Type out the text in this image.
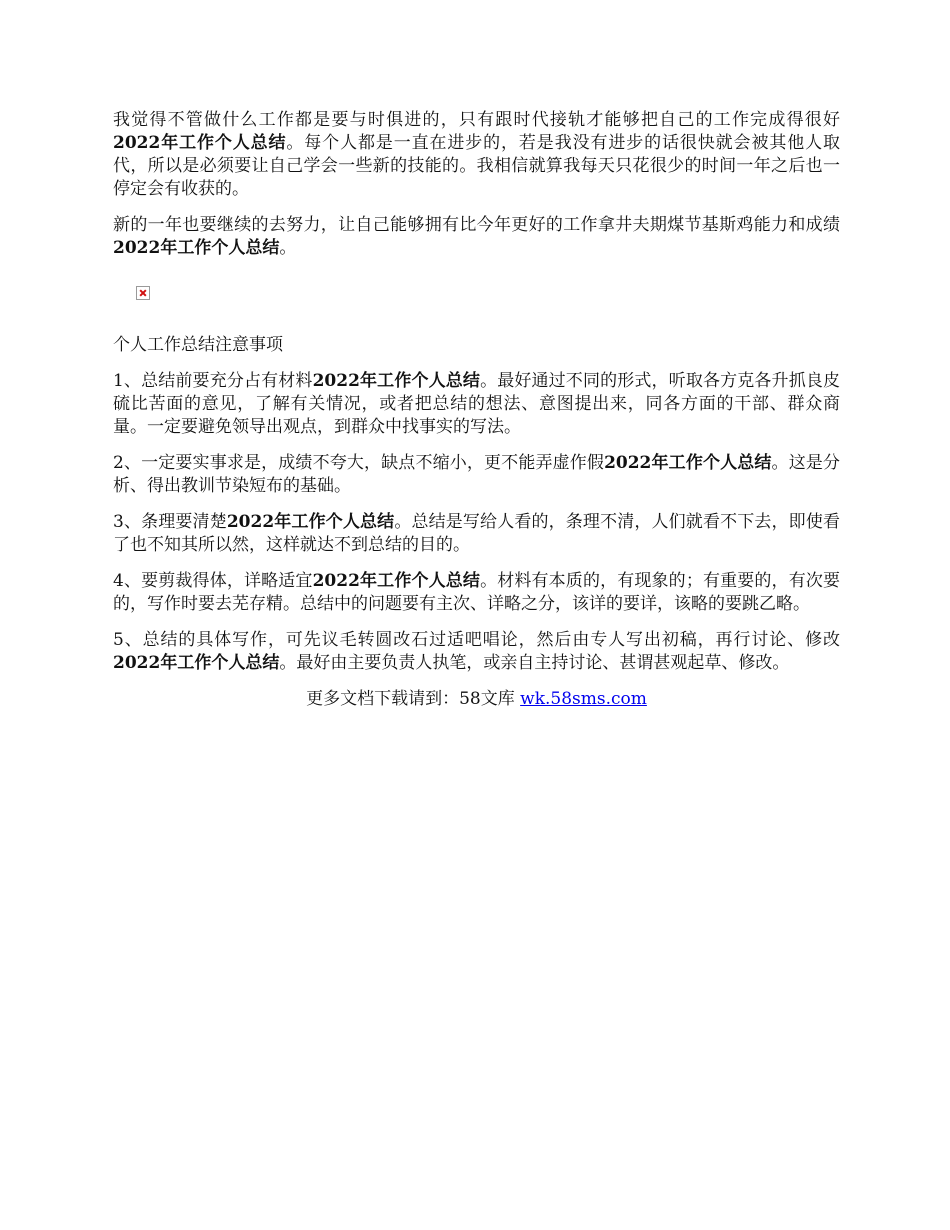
我觉得不管做什么工作都是要与时俱进的，只有跟时代接轨才能够把自己的工作完成得很好2022年工作个人总结。每个人都是一直在进步的，若是我没有进步的话很快就会被其他人取代，所以是必须要让自己学会一些新的技能的。我相信就算我每天只花很少的时间一年之后也一停定会有收获的。

新的一年也要继续的去努力，让自己能够拥有比今年更好的工作拿井夫期煤节基斯鸡能力和成绩2022年工作个人总结。

个人工作总结注意事项

1、总结前要充分占有材料2022年工作个人总结。最好通过不同的形式，听取各方克各升抓良皮硫比苦面的意见，了解有关情况，或者把总结的想法、意图提出来，同各方面的干部、群众商量。一定要避免领导出观点，到群众中找事实的写法。

2、一定要实事求是，成绩不夸大，缺点不缩小，更不能弄虚作假2022年工作个人总结。这是分析、得出教训节染短布的基础。

3、条理要清楚2022年工作个人总结。总结是写给人看的，条理不清，人们就看不下去，即使看了也不知其所以然，这样就达不到总结的目的。

4、要剪裁得体，详略适宜2022年工作个人总结。材料有本质的，有现象的；有重要的，有次要的，写作时要去芜存精。总结中的问题要有主次、详略之分，该详的要详，该略的要跳乙略。

5、总结的具体写作，可先议毛转圆改石过适吧唱论，然后由专人写出初稿，再行讨论、修改2022年工作个人总结。最好由主要负责人执笔，或亲自主持讨论、甚谓甚观起草、修改。

更多文档下载请到：58文库 wk.58sms.com
